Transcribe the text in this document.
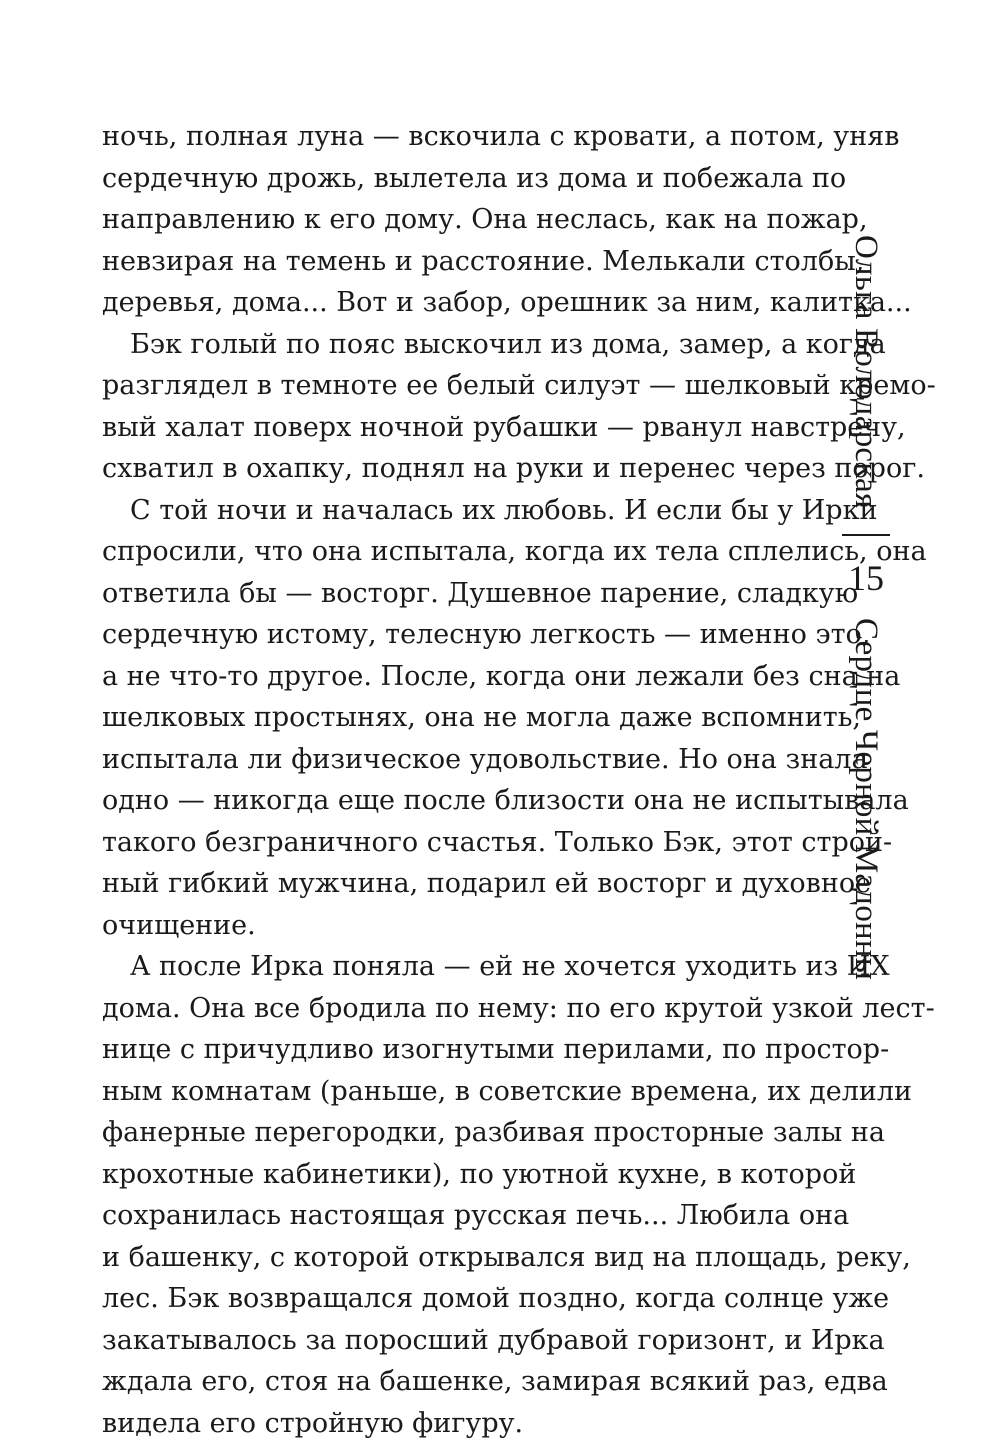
ночь, полная луна — вскочила с кровати, а потом, уняв
сердечную дрожь, вылетела из дома и побежала по
направлению к его дому. Она неслась, как на пожар,
невзирая на темень и расстояние. Мелькали столбы,
деревья, дома... Вот и забор, орешник за ним, калитка...
Бэк голый по пояс выскочил из дома, замер, а когда
разглядел в темноте ее белый силуэт — шелковый кремо-
вый халат поверх ночной рубашки — рванул навстречу,
схватил в охапку, поднял на руки и перенес через порог.
С той ночи и началась их любовь. И если бы у Ирки
спросили, что она испытала, когда их тела сплелись, она
ответила бы — восторг. Душевное парение, сладкую
сердечную истому, телесную легкость — именно это,
а не что-то другое. После, когда они лежали без сна на
шелковых простынях, она не могла даже вспомнить,
испытала ли физическое удовольствие. Но она знала
одно — никогда еще после близости она не испытывала
такого безграничного счастья. Только Бэк, этот строй-
ный гибкий мужчина, подарил ей восторг и духовное
очищение.
А после Ирка поняла — ей не хочется уходить из ИХ
дома. Она все бродила по нему: по его крутой узкой лест-
нице с причудливо изогнутыми перилами, по простор-
ным комнатам (раньше, в советские времена, их делили
фанерные перегородки, разбивая просторные залы на
крохотные кабинетики), по уютной кухне, в которой
сохранилась настоящая русская печь... Любила она
и башенку, с которой открывался вид на площадь, реку,
лес. Бэк возвращался домой поздно, когда солнце уже
закатывалось за поросший дубравой горизонт, и Ирка
ждала его, стоя на башенке, замирая всякий раз, едва
видела его стройную фигуру.
Ольга Володарская
15
Сердце Черной Мадонны
